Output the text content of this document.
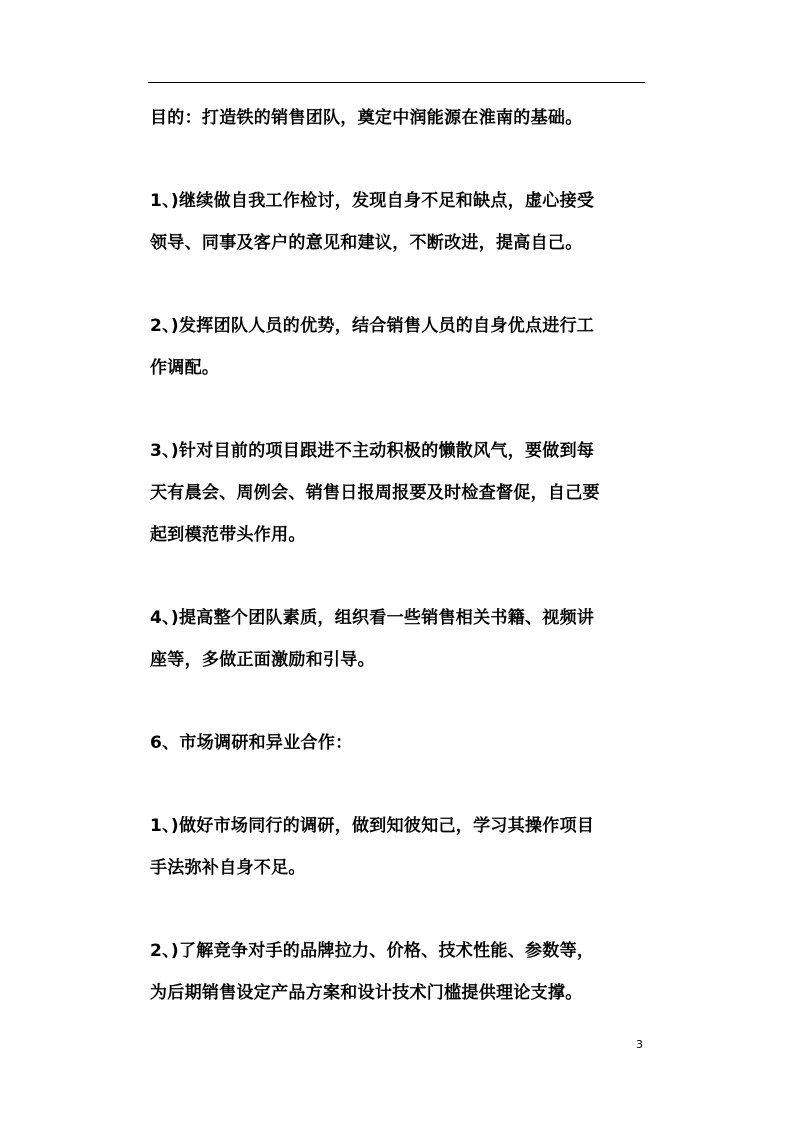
目的：打造铁的销售团队，奠定中润能源在淮南的基础。
1、)继续做自我工作检讨，发现自身不足和缺点，虚心接受
领导、同事及客户的意见和建议，不断改进，提高自己。
2、)发挥团队人员的优势，结合销售人员的自身优点进行工
作调配。
3、)针对目前的项目跟进不主动积极的懒散风气，要做到每
天有晨会、周例会、销售日报周报要及时检查督促，自己要
起到模范带头作用。
4、)提高整个团队素质，组织看一些销售相关书籍、视频讲
座等，多做正面激励和引导。
6、市场调研和异业合作：
1、)做好市场同行的调研，做到知彼知己，学习其操作项目
手法弥补自身不足。
2、)了解竞争对手的品牌拉力、价格、技术性能、参数等，
为后期销售设定产品方案和设计技术门槛提供理论支撑。
3
